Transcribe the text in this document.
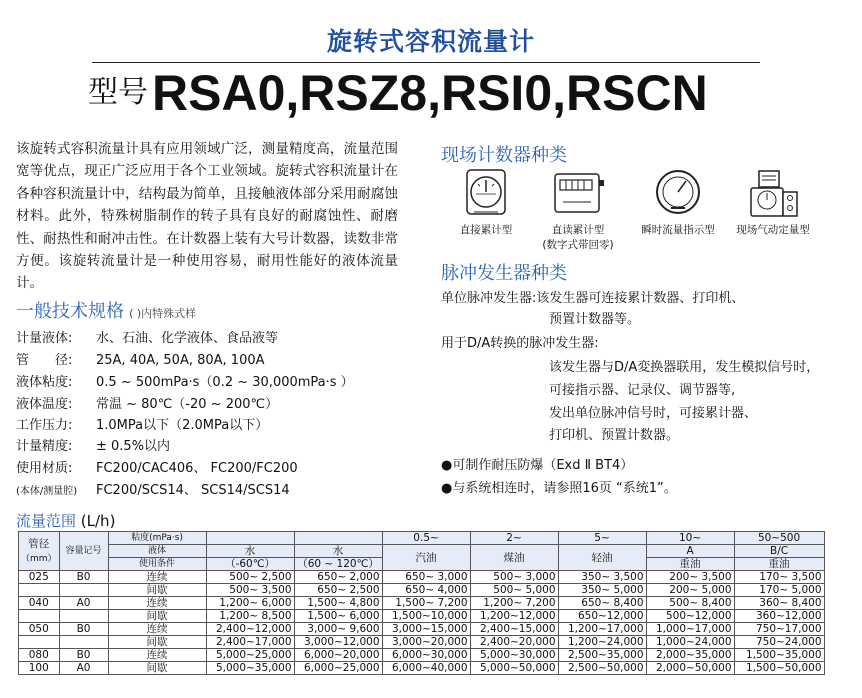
旋转式容积流量计
型号RSA0,RSZ8,RSI0,RSCN
该旋转式容积流量计具有应用领域广泛，测量精度高，流量范围宽等优点，现正广泛应用于各个工业领域。旋转式容积流量计在各种容积流量计中，结构最为简单，且接触液体部分采用耐腐蚀材料。此外，特殊树脂制作的转子具有良好的耐腐蚀性、耐磨性、耐热性和耐冲击性。在计数器上装有大号计数器，读数非常方便。该旋转流量计是一种使用容易，耐用性能好的液体流量计。
一般技术规格 ( )内特殊式样
计量液体: 水、石油、化学液体、食品液等
管　　径: 25A, 40A, 50A, 80A, 100A
液体粘度: 0.5 ~ 500mPa·s（0.2 ~ 30,000mPa·s ）
液体温度: 常温 ~ 80℃（-20 ~ 200℃）
工作压力: 1.0MPa以下（2.0MPa以下）
计量精度: ± 0.5%以内
使用材质: FC200/CAC406、 FC200/FC200
(本体/测量腔) FC200/SCS14、 SCS14/SCS14
现场计数器种类
直接累计型	直读累计型
(数字式带回零)
瞬时流量指示型	现场气动定量型
脉冲发生器种类
单位脉冲发生器:该发生器可连接累计数器、打印机、
预置计数器等。
用于D/A转换的脉冲发生器:
该发生器与D/A変换器联用，发生模拟信号时，
可接指示器、记录仪、调节器等,
发出单位脉冲信号时，可接累计器、
打印机、预置计数器。
●可制作耐压防爆（Exd Ⅱ BT4）
●与系统相连时，请参照16页 “系统1”。
流量范围 (L/h)
管径
（mm）	容量记号	粘度(mPa·s)			0.5~	2~	5~	10~	50~500
		液体	水	水	汽油	煤油	轻油	A	B/C
		使用条件	（-60℃）	（60 ~ 120℃）				重油	重油
025	B0	连续	500~ 2,500	650~ 2,000	650~ 3,000	500~ 3,000	350~ 3,500	200~ 3,500	170~ 3,500
		间歇	500~ 3,500	650~ 2,500	650~ 4,000	500~ 5,000	350~ 5,000	200~ 5,000	170~ 5,000
040	A0	连续	1,200~ 6,000	1,500~ 4,800	1,500~ 7,200	1,200~ 7,200	650~ 8,400	500~ 8,400	360~ 8,400
		间歇	1,200~ 8,500	1,500~ 6,000	1,500~10,000	1,200~12,000	650~12,000	500~12,000	360~12,000
050	B0	连续	2,400~12,000	3,000~ 9,600	3,000~15,000	2,400~15,000	1,200~17,000	1,000~17,000	750~17,000
		间歇	2,400~17,000	3,000~12,000	3,000~20,000	2,400~20,000	1,200~24,000	1,000~24,000	750~24,000
080	B0	连续	5,000~25,000	6,000~20,000	6,000~30,000	5,000~30,000	2,500~35,000	2,000~35,000	1,500~35,000
100	A0	间歇	5,000~35,000	6,000~25,000	6,000~40,000	5,000~50,000	2,500~50,000	2,000~50,000	1,500~50,000
